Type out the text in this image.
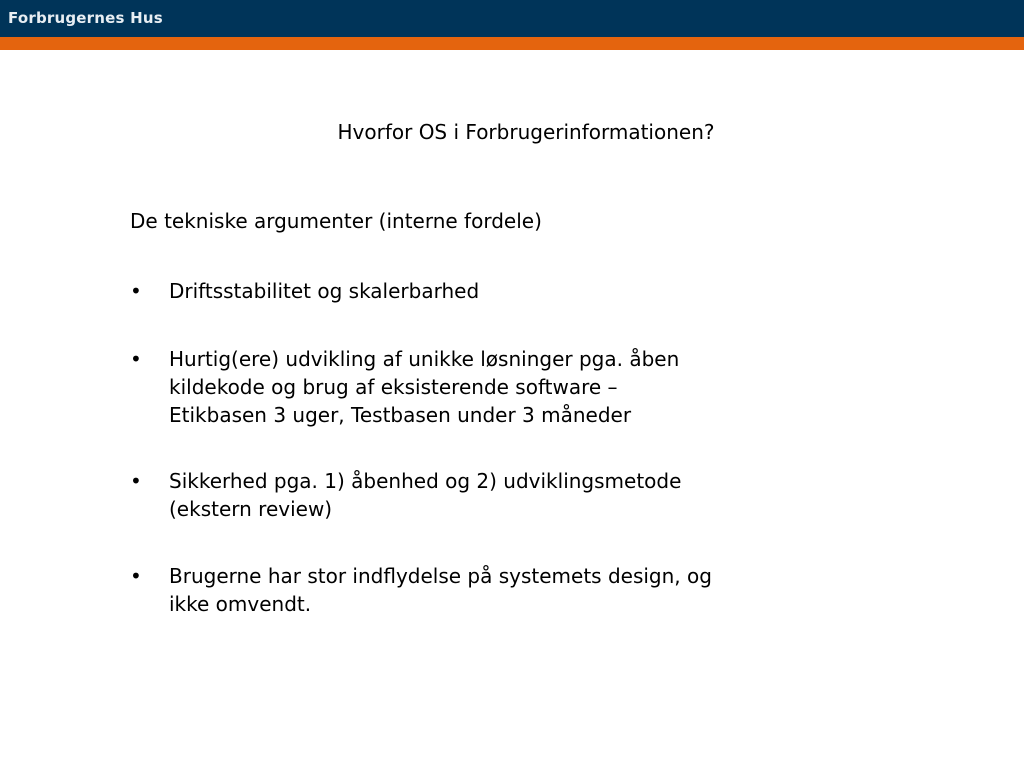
Forbrugernes Hus
Hvorfor OS i Forbrugerinformationen?
De tekniske argumenter (interne fordele)
• Driftsstabilitet og skalerbarhed
• Hurtig(ere) udvikling af unikke løsninger pga. åben
kildekode og brug af eksisterende software –
Etikbasen 3 uger, Testbasen under 3 måneder
• Sikkerhed pga. 1) åbenhed og 2) udviklingsmetode
(ekstern review)
• Brugerne har stor indflydelse på systemets design, og
ikke omvendt.
